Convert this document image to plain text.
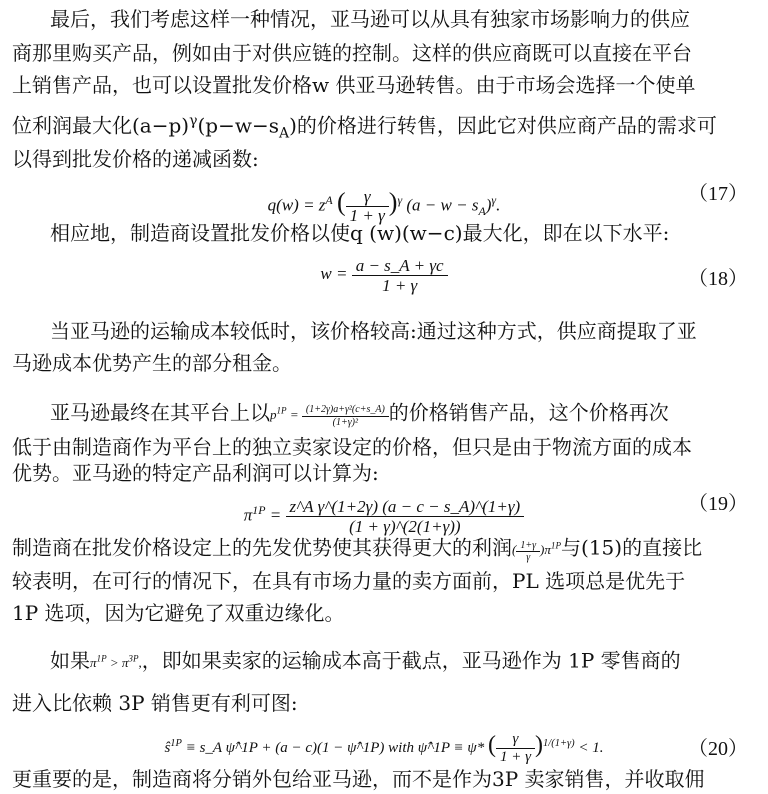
最后，我们考虑这样一种情况，亚马逊可以从具有独家市场影响力的供应
商那里购买产品，例如由于对供应链的控制。这样的供应商既可以直接在平台
上销售产品，也可以设置批发价格w 供亚马逊转售。由于市场会选择一个使单
位利润最大化$(a-p)^\gamma(p-w-s_A)$的价格进行转售，因此它对供应商产品的需求可
以得到批发价格的递减函数:
$q(w) = z^A$ ( $\frac{\gamma}{1 + \gamma} )^\gamma$ $(a - w - s_A)^\gamma$.
（17）
相应地，制造商设置批发价格以使q (w)(w−c)最大化，即在以下水平:
$w = \frac{a - s\_A + \gamma c}{1 + \gamma}$	（18）
当亚马逊的运输成本较低时，该价格较高:通过这种方式，供应商提取了亚
马逊成本优势产生的部分租金。
亚马逊最终在其平台上以$p^{1P} = \frac{\text{(1+2γ)a+γ²(c+s\_A)}}{\text{(1+γ)²}}$ 的价格销售产品，这个价格再次
低于由制造商作为平台上的独立卖家设定的价格，但只是由于物流方面的成本
优势。亚马逊的特定产品利润可以计算为:
$\pi^{1P} = \frac{\text{z\textasciicircum{}A γ\textasciicircum{}(1+2γ) (a − c − s\_A)\textasciicircum{}(1+γ)}}{(1 + \gamma)\^{}(2(1+\gamma))}$	（19）
制造商在批发价格设定上的先发优势使其获得更大的利润( $\frac{1+\gamma}{\gamma} )\pi^{1P}$与(15)的直接比
较表明，在可行的情况下，在具有市场力量的卖方面前，PL 选项总是优先于
1P 选项，因为它避免了双重边缘化。
如果$\pi^{1P} > \pi^{3P}$,，即如果卖家的运输成本高于截点，亚马逊作为 1P 零售商的
进入比依赖 3P 销售更有利可图:
$ŝ^{1P}$ ≡ s_A ψ̂^1P + (a − c)(1 − ψ̂^1P) with ψ̂^1P ≡ ψ* ( $\frac{\gamma}{1 + \gamma} )^{1/(1+\gamma)} < 1$.	（20）
更重要的是，制造商将分销外包给亚马逊，而不是作为3P 卖家销售，并收取佣
